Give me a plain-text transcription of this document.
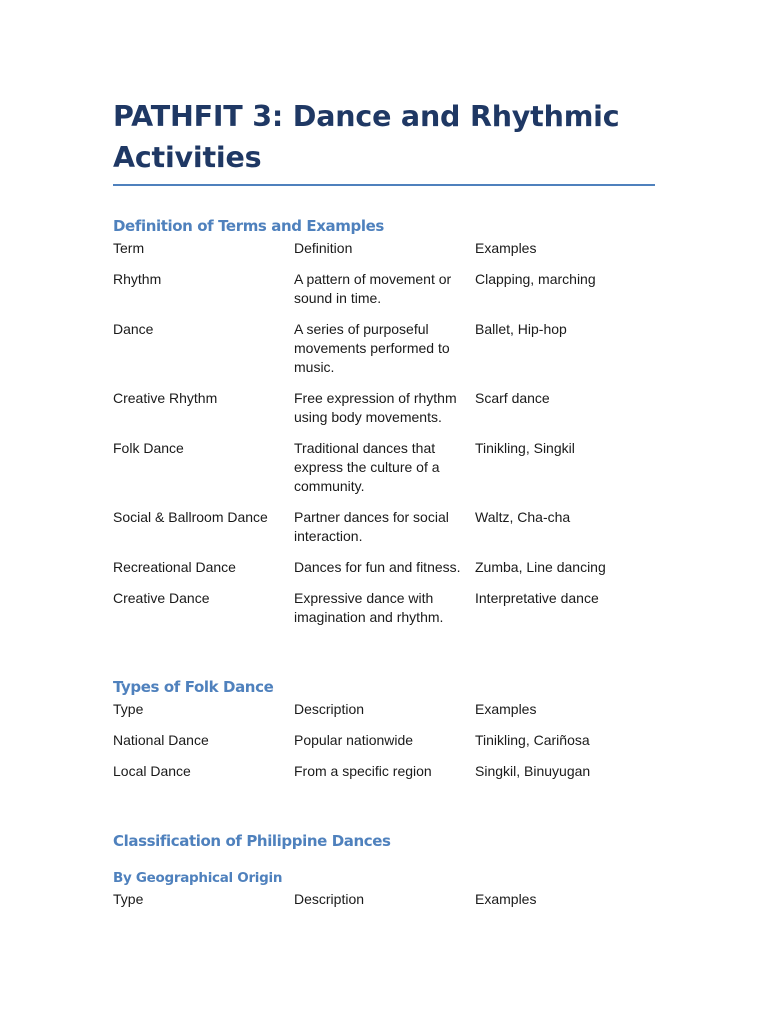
PATHFIT 3: Dance and Rhythmic Activities
Definition of Terms and Examples
Term	Definition	Examples
Rhythm	A pattern of movement or sound in time.	Clapping, marching
Dance	A series of purposeful movements performed to music.	Ballet, Hip-hop
Creative Rhythm	Free expression of rhythm using body movements.	Scarf dance
Folk Dance	Traditional dances that express the culture of a community.	Tinikling, Singkil
Social & Ballroom Dance	Partner dances for social interaction.	Waltz, Cha-cha
Recreational Dance	Dances for fun and fitness.	Zumba, Line dancing
Creative Dance	Expressive dance with imagination and rhythm.	Interpretative dance
Types of Folk Dance
Type	Description	Examples
National Dance	Popular nationwide	Tinikling, Cariñosa
Local Dance	From a specific region	Singkil, Binuyugan
Classification of Philippine Dances
By Geographical Origin
Type	Description	Examples
